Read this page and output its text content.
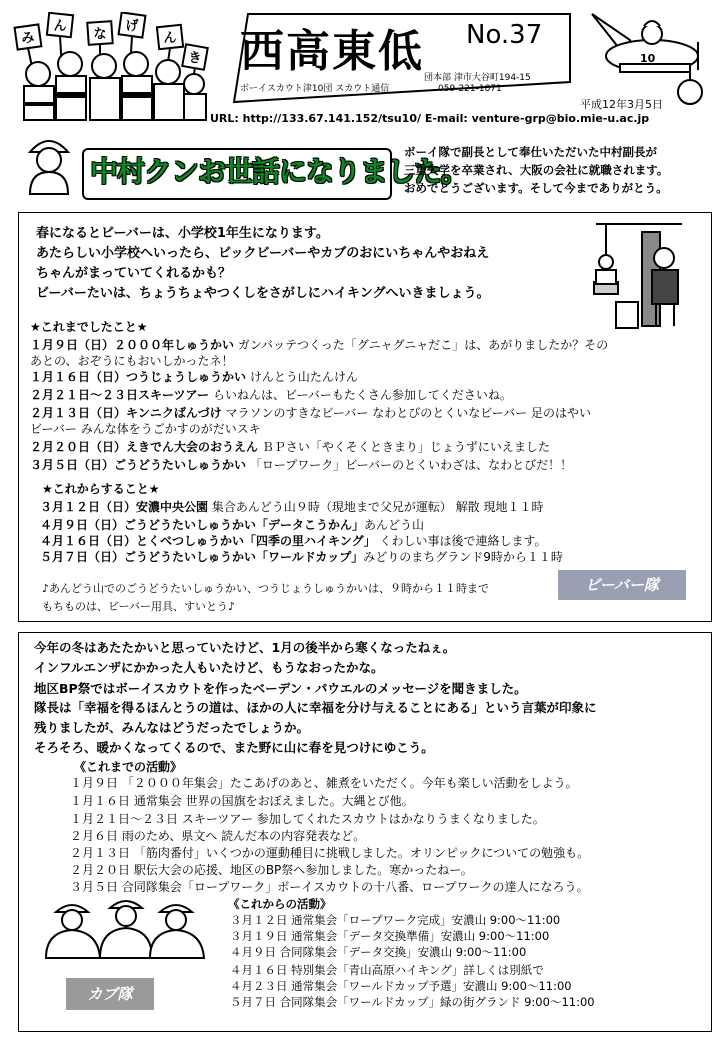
み
ん
な
げ
ん
き 西高東低 No.37
団本部 津市大谷町194-15
ボーイスカウト津10団 スカウト通信	059-221-1871
平成12年3月5日
10
URL: http://133.67.141.152/tsu10/ E-mail: venture-grp@bio.mie-u.ac.jp
中村クンお世話になりました。
ボーイ隊で副長として奉仕いただいた中村副長が
三重大学を卒業され、大阪の会社に就職されます。
おめでとうございます。そして今までありがとう。
春になるとビーバーは、小学校1年生になります。
あたらしい小学校へいったら、ビックビーバーやカブのおにいちゃんやおねえ
ちゃんがまっていてくれるかも？
ビーバーたいは、ちょうちょやつくしをさがしにハイキングへいきましょう。
★これまでしたこと★
１月９日（日）２０００年しゅうかい ガンバッテつくった「グニャグニャだこ」は、あがりましたか？その
あとの、おぞうにもおいしかったネ！
１月１６日（日）つうじょうしゅうかい けんとう山たんけん
２月２１日～２３日スキーツアー らいねんは、ビーバーもたくさん参加してくださいね。
２月１３日（日）キンニクばんづけ マラソンのすきなビーバー なわとびのとくいなビーバー 足のはやい
ビーバー みんな体をうごかすのがだいスキ
２月２０日（日）えきでん大会のおうえん ＢＰさい「やくそくときまり」じょうずにいえました
３月５日（日）ごうどうたいしゅうかい 「ロープワーク」ビーバーのとくいわざは、なわとびだ！！
★これからすること★
３月１２日（日）安濃中央公園 集合あんどう山９時（現地まで父兄が運転） 解散 現地１１時
４月９日（日）ごうどうたいしゅうかい「データこうかん」あんどう山
４月１６日（日）とくべつしゅうかい「四季の里ハイキング」 くわしい事は後で連絡します。
５月７日（日）ごうどうたいしゅうかい「ワールドカップ」みどりのまちグランド9時から１１時
♪あんどう山でのごうどうたいしゅうかい、つうじょうしゅうかいは、９時から１１時まで
もちものは、ビーバー用具、すいとう♪
ビーバー隊
今年の冬はあたたかいと思っていたけど、1月の後半から寒くなったねぇ。
インフルエンザにかかった人もいたけど、もうなおったかな。
地区BP祭ではボーイスカウトを作ったベーデン・パウエルのメッセージを聞きました。
隊長は「幸福を得るほんとうの道は、ほかの人に幸福を分け与えることにある」という言葉が印象に
残りましたが、みんなはどうだったでしょうか。
そろそろ、暖かくなってくるので、また野に山に春を見つけにゆこう。
《これまでの活動》
１月９日 「２０００年集会」たこあげのあと、雑煮をいただく。今年も楽しい活動をしよう。
１月１６日 通常集会 世界の国旗をおぼえました。大縄とび他。
１月２１日～２３日 スキーツアー 参加してくれたスカウトはかなりうまくなりました。
２月６日 雨のため、県文へ 読んだ本の内容発表など。
２月１３日 「筋肉番付」いくつかの運動種目に挑戦しました。オリンピックについての勉強も。
２月２０日 駅伝大会の応援、地区のBP祭へ参加しました。寒かったねー。
３月５日 合同隊集会「ロープワーク」ボーイスカウトの十八番、ロープワークの達人になろう。
《これからの活動》
３月１２日 通常集会「ロープワーク完成」安濃山 9:00～11:00
３月１９日 通常集会「データ交換準備」安濃山 9:00～11:00
４月９日 合同隊集会「データ交換」安濃山 9:00～11:00
４月１６日 特別集会「青山高原ハイキング」詳しくは別紙で
４月２３日 通常集会「ワールドカップ予選」安濃山 9:00～11:00
５月７日 合同隊集会「ワールドカップ」緑の街グランド 9:00～11:00
カブ隊
